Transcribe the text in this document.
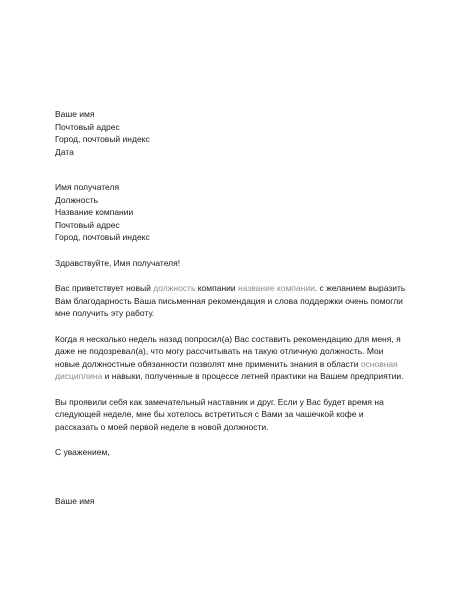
Ваше имя
Почтовый адрес
Город, почтовый индекс
Дата
Имя получателя
Должность
Название компании
Почтовый адрес
Город, почтовый индекс

Здравствуйте, Имя получателя!

Вас приветствует новый должность компании название компании. с желанием выразить Вам благодарность Ваша письменная рекомендация и слова поддержки очень помогли мне получить эту работу.

Когда я несколько недель назад попросил(а) Вас составить рекомендацию для меня, я даже не подозревал(а), что могу рассчитывать на такую отличную должность. Мои новые должностные обязанности позволят мне применить знания в области основная дисциплина и навыки, полученные в процессе летней практики на Вашем предприятии.

Вы проявили себя как замечательный наставник и друг. Если у Вас будет время на следующей неделе, мне бы хотелось встретиться с Вами за чашечкой кофе и рассказать о моей первой неделе в новой должности.

С уважением,

Ваше имя
